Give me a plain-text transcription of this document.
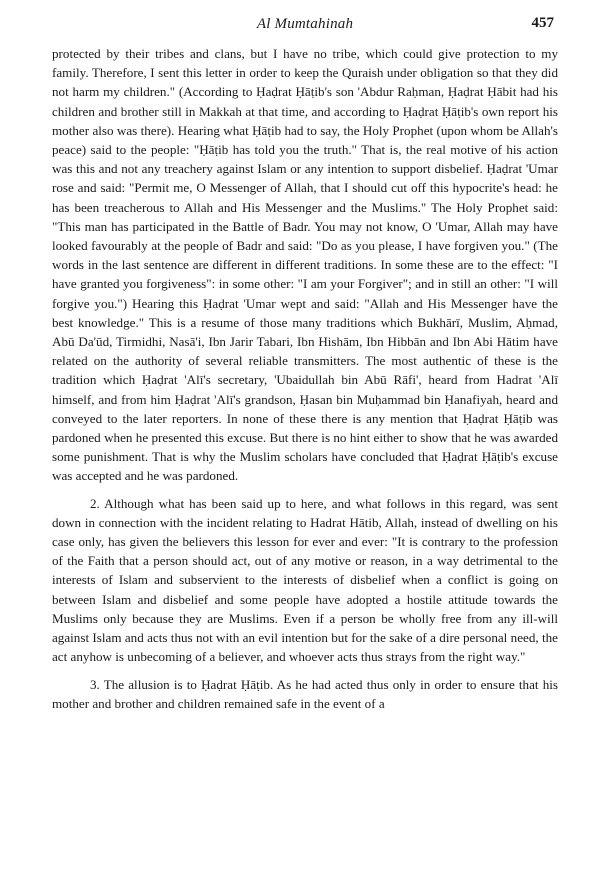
Al Mumtahinah	457

protected by their tribes and clans, but I have no tribe, which could give protection to my family. Therefore, I sent this letter in order to keep the Quraish under obligation so that they did not harm my children." (According to Ḥaḍrat Ḥāṭib's son 'Abdur Raḥman, Ḥaḍrat Ḥābit had his children and brother still in Makkah at that time, and according to Ḥaḍrat Ḥāṭib's own report his mother also was there). Hearing what Ḥāṭib had to say, the Holy Prophet (upon whom be Allah's peace) said to the people: "Ḥāṭib has told you the truth." That is, the real motive of his action was this and not any treachery against Islam or any intention to support disbelief. Ḥaḍrat 'Umar rose and said: "Permit me, O Messenger of Allah, that I should cut off this hypocrite's head: he has been treacherous to Allah and His Messenger and the Muslims." The Holy Prophet said: "This man has participated in the Battle of Badr. You may not know, O 'Umar, Allah may have looked favourably at the people of Badr and said: "Do as you please, I have forgiven you." (The words in the last sentence are different in different traditions. In some these are to the effect: "I have granted you forgiveness": in some other: "I am your Forgiver"; and in still an other: "I will forgive you.") Hearing this Ḥaḍrat 'Umar wept and said: "Allah and His Messenger have the best knowledge." This is a resume of those many traditions which Bukhārī, Muslim, Aḥmad, Abū Da'ūd, Tirmidhi, Nasā'i, Ibn Jarir Tabari, Ibn Hishām, Ibn Hibbān and Ibn Abi Hātim have related on the authority of several reliable transmitters. The most authentic of these is the tradition which Ḥaḍrat 'Alī's secretary, 'Ubaidullah bin Abū Rāfi', heard from Hadrat 'Alī himself, and from him Ḥaḍrat 'Alī's grandson, Ḥasan bin Muḥammad bin Ḥanafiyah, heard and conveyed to the later reporters. In none of these there is any mention that Ḥaḍrat Ḥāṭib was pardoned when he presented this excuse. But there is no hint either to show that he was awarded some punishment. That is why the Muslim scholars have concluded that Ḥaḍrat Ḥāṭib's excuse was accepted and he was pardoned.

2. Although what has been said up to here, and what follows in this regard, was sent down in connection with the incident relating to Hadrat Hātib, Allah, instead of dwelling on his case only, has given the believers this lesson for ever and ever: "It is contrary to the profession of the Faith that a person should act, out of any motive or reason, in a way detrimental to the interests of Islam and subservient to the interests of disbelief when a conflict is going on between Islam and disbelief and some people have adopted a hostile attitude towards the Muslims only because they are Muslims. Even if a person be wholly free from any ill-will against Islam and acts thus not with an evil intention but for the sake of a dire personal need, the act anyhow is unbecoming of a believer, and whoever acts thus strays from the right way."

3. The allusion is to Ḥaḍrat Ḥāṭib. As he had acted thus only in order to ensure that his mother and brother and children remained safe in the event of a
